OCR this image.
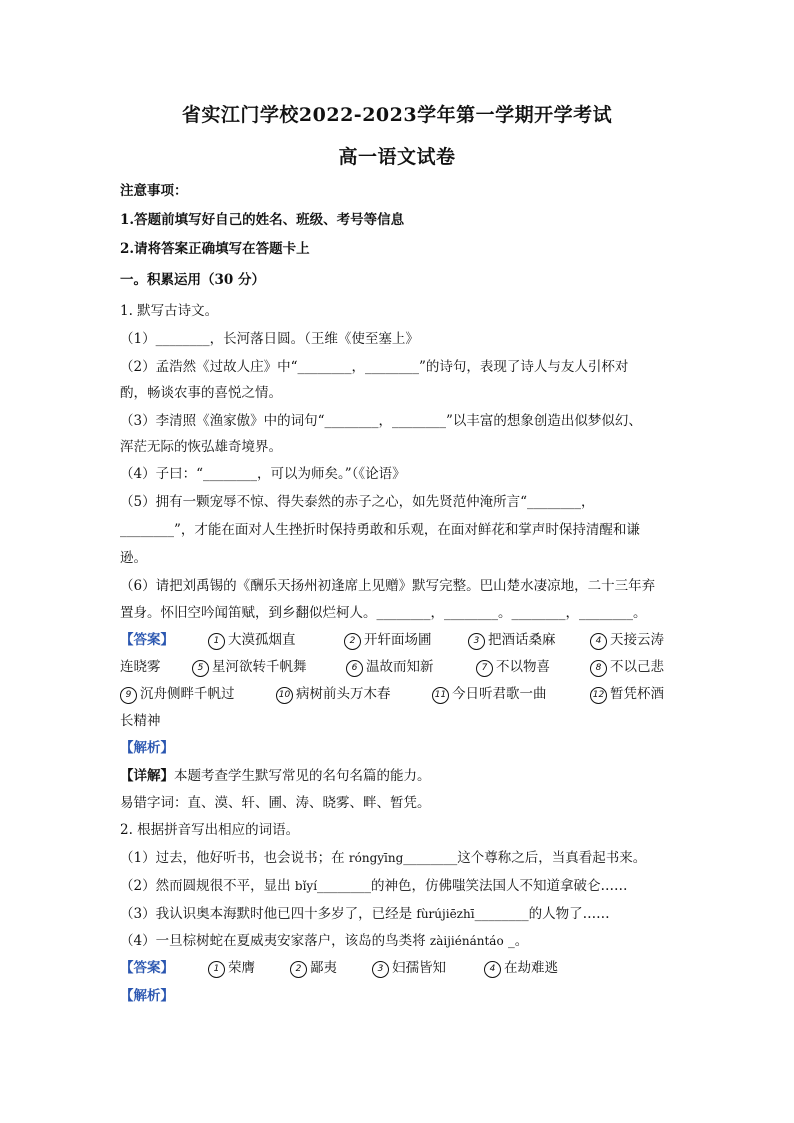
省实江门学校2022-2023学年第一学期开学考试
高一语文试卷
注意事项：
1.答题前填写好自己的姓名、班级、考号等信息
2.请将答案正确填写在答题卡上
一。积累运用（30 分）
1. 默写古诗文。
（1）________，长河落日圆。（王维《使至塞上》
（2）孟浩然《过故人庄》中“________，________”的诗句，表现了诗人与友人引杯对
酌，畅谈农事的喜悦之情。
（3）李清照《渔家傲》中的词句“________，________”以丰富的想象创造出似梦似幻、
浑茫无际的恢弘雄奇境界。
（4）子曰：“________，可以为师矣。”（《论语》
（5）拥有一颗宠辱不惊、得失泰然的赤子之心，如先贤范仲淹所言“________，
________”，才能在面对人生挫折时保持勇敢和乐观，在面对鲜花和掌声时保持清醒和谦
逊。
（6）请把刘禹锡的《酬乐天扬州初逢席上见赠》默写完整。巴山楚水凄凉地，二十三年弃
置身。怀旧空吟闻笛赋，到乡翻似烂柯人。________，________。________，________。
【答案】	1 大漠孤烟直	2 开轩面场圃	3 把酒话桑麻	4 天接云涛
连晓雾	5 星河欲转千帆舞	6 温故而知新	7 不以物喜	8 不以己悲
9 沉舟侧畔千帆过	10 病树前头万木春	11 今日听君歌一曲	12 暂凭杯酒
长精神
【解析】
【详解】本题考查学生默写常见的名句名篇的能力。
易错字词：直、漠、轩、圃、涛、晓雾、畔、暂凭。
2. 根据拼音写出相应的词语。
（1）过去，他好听书，也会说书；在 róngyīng________这个尊称之后，当真看起书来。
（2）然而圆规很不平，显出 bǐyí________的神色，仿佛嗤笑法国人不知道拿破仑……
（3）我认识奥本海默时他已四十多岁了，已经是 fùrújiēzhī________的人物了……
（4）一旦棕树蛇在夏威夷安家落户，该岛的鸟类将 zàijiénántáo _。
【答案】	1 荣膺	2 鄙夷	3 妇孺皆知	4 在劫难逃
【解析】
